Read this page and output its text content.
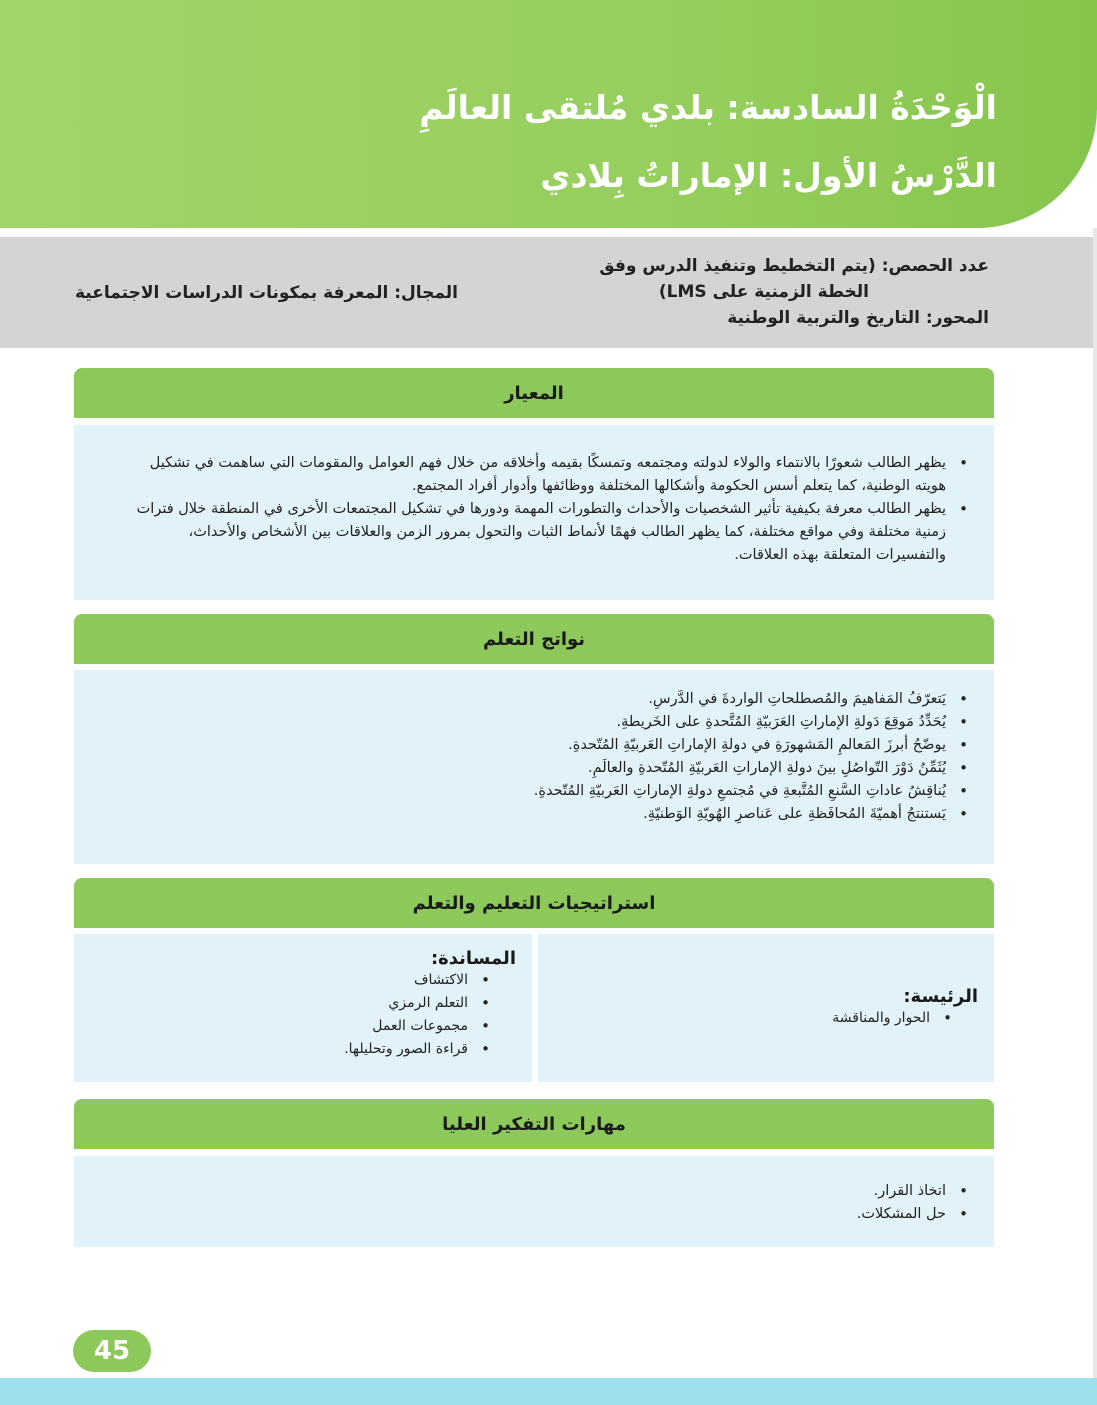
الْوَحْدَةُ السادسة: بلدي مُلتقى العالَمِ
الدَّرْسُ الأول: الإماراتُ بِلادي
عدد الحصص: (يتم التخطيط وتنفيذ الدرس وفق
الخطة الزمنية على LMS)
المحور: التاريخ والتربية الوطنية
المجال: المعرفة بمكونات الدراسات الاجتماعية
المعيار
• يظهر الطالب شعورًا بالانتماء والولاء لدولته ومجتمعه وتمسكًا بقيمه وأخلاقه من خلال فهم العوامل والمقومات التي ساهمت في تشكيل هويته الوطنية، كما يتعلم أسس الحكومة وأشكالها المختلفة ووظائفها وأدوار أفراد المجتمع.
• يظهر الطالب معرفة بكيفية تأثير الشخصيات والأحداث والتطورات المهمة ودورها في تشكيل المجتمعات الأخرى في المنطقة خلال فترات زمنية مختلفة وفي مواقع مختلفة، كما يظهر الطالب فهمًا لأنماط الثبات والتحول بمرور الزمن والعلاقات بين الأشخاص والأحداث، والتفسيرات المتعلقة بهذه العلاقات.
نواتج التعلم
• يَتعرّفُ المَفاهيمَ والمُصطلحاتِ الواردةَ في الدَّرسِ.
• يُحَدِّدُ مَوقِعَ دَولةِ الإماراتِ العَرَبيّةِ المُتَّحدةِ على الخَريطةِ.
• يوضّحُ أبرزَ المَعالمِ المَشهورَةِ في دولةِ الإماراتِ العَربيّةِ المُتّحدةِ.
• يُثَمِّنُ دَوْرَ التّواصُلِ بينَ دولةِ الإماراتِ العَربيّةِ المُتّحدةِ والعالَمِ.
• يُناقِشُ عاداتِ السَّنعِ المُتَّبعةِ في مُجتمعِ دولةِ الإماراتِ العَربيّةِ المُتّحدةِ.
• يَستنتجُ أهميّةَ المُحافَظةِ على عَناصرِ الهُويّةِ الوَطنيّةِ.
استراتيجيات التعليم والتعلم
الرئيسة:
• الحوار والمناقشة
المساندة:
• الاكتشاف
• التعلم الرمزي
• مجموعات العمل
• قراءة الصور وتحليلها.
مهارات التفكير العليا
• اتخاذ القرار.
• حل المشكلات.
45
